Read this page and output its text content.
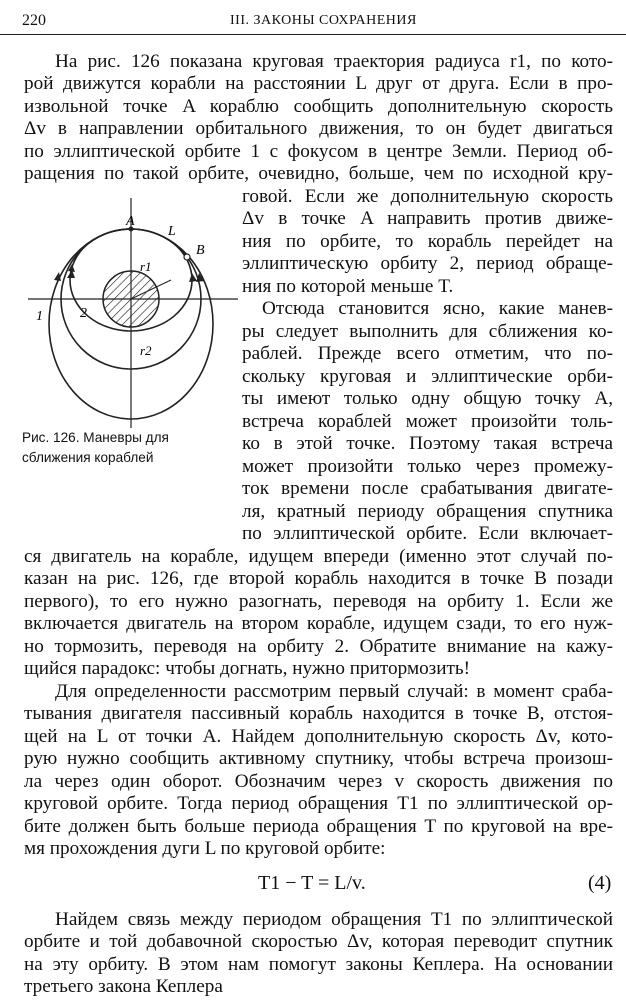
220	III. ЗАКОНЫ СОХРАНЕНИЯ
A
B
L
r1
r2
1	2
Рис. 126. Маневры для сближения кораблей
На рис. 126 показана круговая траектория радиуса r1, по кото-
рой движутся корабли на расстоянии L друг от друга. Если в про-
извольной точке A кораблю сообщить дополнительную скорость
Δv в направлении орбитального движения, то он будет двигаться
по эллиптической орбите 1 с фокусом в центре Земли. Период об-
ращения по такой орбите, очевидно, больше, чем по исходной кру-
говой. Если же дополнительную скорость
Δv в точке A направить против движе-
ния по орбите, то корабль перейдет на
эллиптическую орбиту 2, период обраще-
ния по которой меньше T.
Отсюда становится ясно, какие манев-
ры следует выполнить для сближения ко-
раблей. Прежде всего отметим, что по-
скольку круговая и эллиптические орби-
ты имеют только одну общую точку A,
встреча кораблей может произойти толь-
ко в этой точке. Поэтому такая встреча
может произойти только через промежу-
ток времени после срабатывания двигате-
ля, кратный периоду обращения спутника
по эллиптической орбите. Если включает-
ся двигатель на корабле, идущем впереди (именно этот случай по-
казан на рис. 126, где второй корабль находится в точке B позади
первого), то его нужно разогнать, переводя на орбиту 1. Если же
включается двигатель на втором корабле, идущем сзади, то его нуж-
но тормозить, переводя на орбиту 2. Обратите внимание на кажу-
щийся парадокс: чтобы догнать, нужно притормозить!
Для определенности рассмотрим первый случай: в момент сраба-
тывания двигателя пассивный корабль находится в точке B, отстоя-
щей на L от точки A. Найдем дополнительную скорость Δv, кото-
рую нужно сообщить активному спутнику, чтобы встреча произош-
ла через один оборот. Обозначим через v скорость движения по
круговой орбите. Тогда период обращения T1 по эллиптической ор-
бите должен быть больше периода обращения T по круговой на вре-
мя прохождения дуги L по круговой орбите:
T1 − T = L/v.	(4)
Найдем связь между периодом обращения T1 по эллиптической
орбите и той добавочной скоростью Δv, которая переводит спутник
на эту орбиту. В этом нам помогут законы Кеплера. На основании
третьего закона Кеплера
